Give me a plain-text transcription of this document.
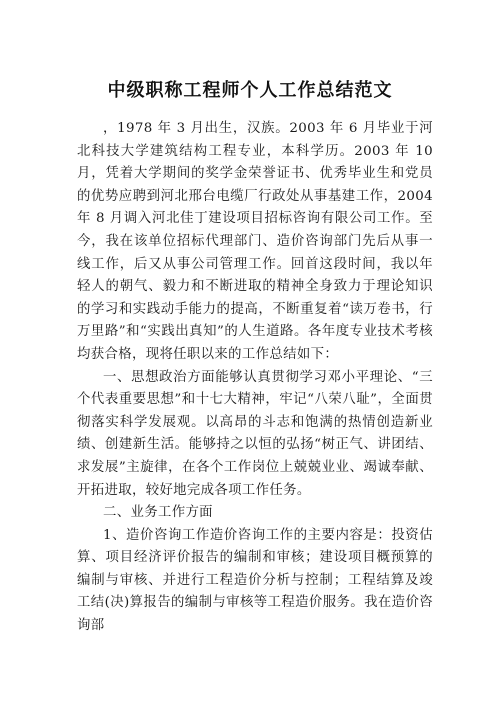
中级职称工程师个人工作总结范文

，1978 年 3 月出生，汉族。2003 年 6 月毕业于河北科技大学建筑结构工程专业，本科学历。2003 年 10 月，凭着大学期间的奖学金荣誉证书、优秀毕业生和党员的优势应聘到河北邢台电缆厂行政处从事基建工作，2004 年 8 月调入河北佳丁建设项目招标咨询有限公司工作。至今，我在该单位招标代理部门、造价咨询部门先后从事一线工作，后又从事公司管理工作。回首这段时间，我以年轻人的朝气、毅力和不断进取的精神全身致力于理论知识的学习和实践动手能力的提高，不断重复着“读万卷书，行万里路”和“实践出真知”的人生道路。各年度专业技术考核均获合格，现将任职以来的工作总结如下：

一、思想政治方面能够认真贯彻学习邓小平理论、“三个代表重要思想”和十七大精神，牢记“八荣八耻”，全面贯彻落实科学发展观。以高昂的斗志和饱满的热情创造新业绩、创建新生活。能够持之以恒的弘扬“树正气、讲团结、求发展”主旋律，在各个工作岗位上兢兢业业、竭诚奉献、开拓进取，较好地完成各项工作任务。

二、业务工作方面

1、造价咨询工作造价咨询工作的主要内容是：投资估算、项目经济评价报告的编制和审核；建设项目概预算的编制与审核、并进行工程造价分析与控制；工程结算及竣工结(决)算报告的编制与审核等工程造价服务。我在造价咨询部
